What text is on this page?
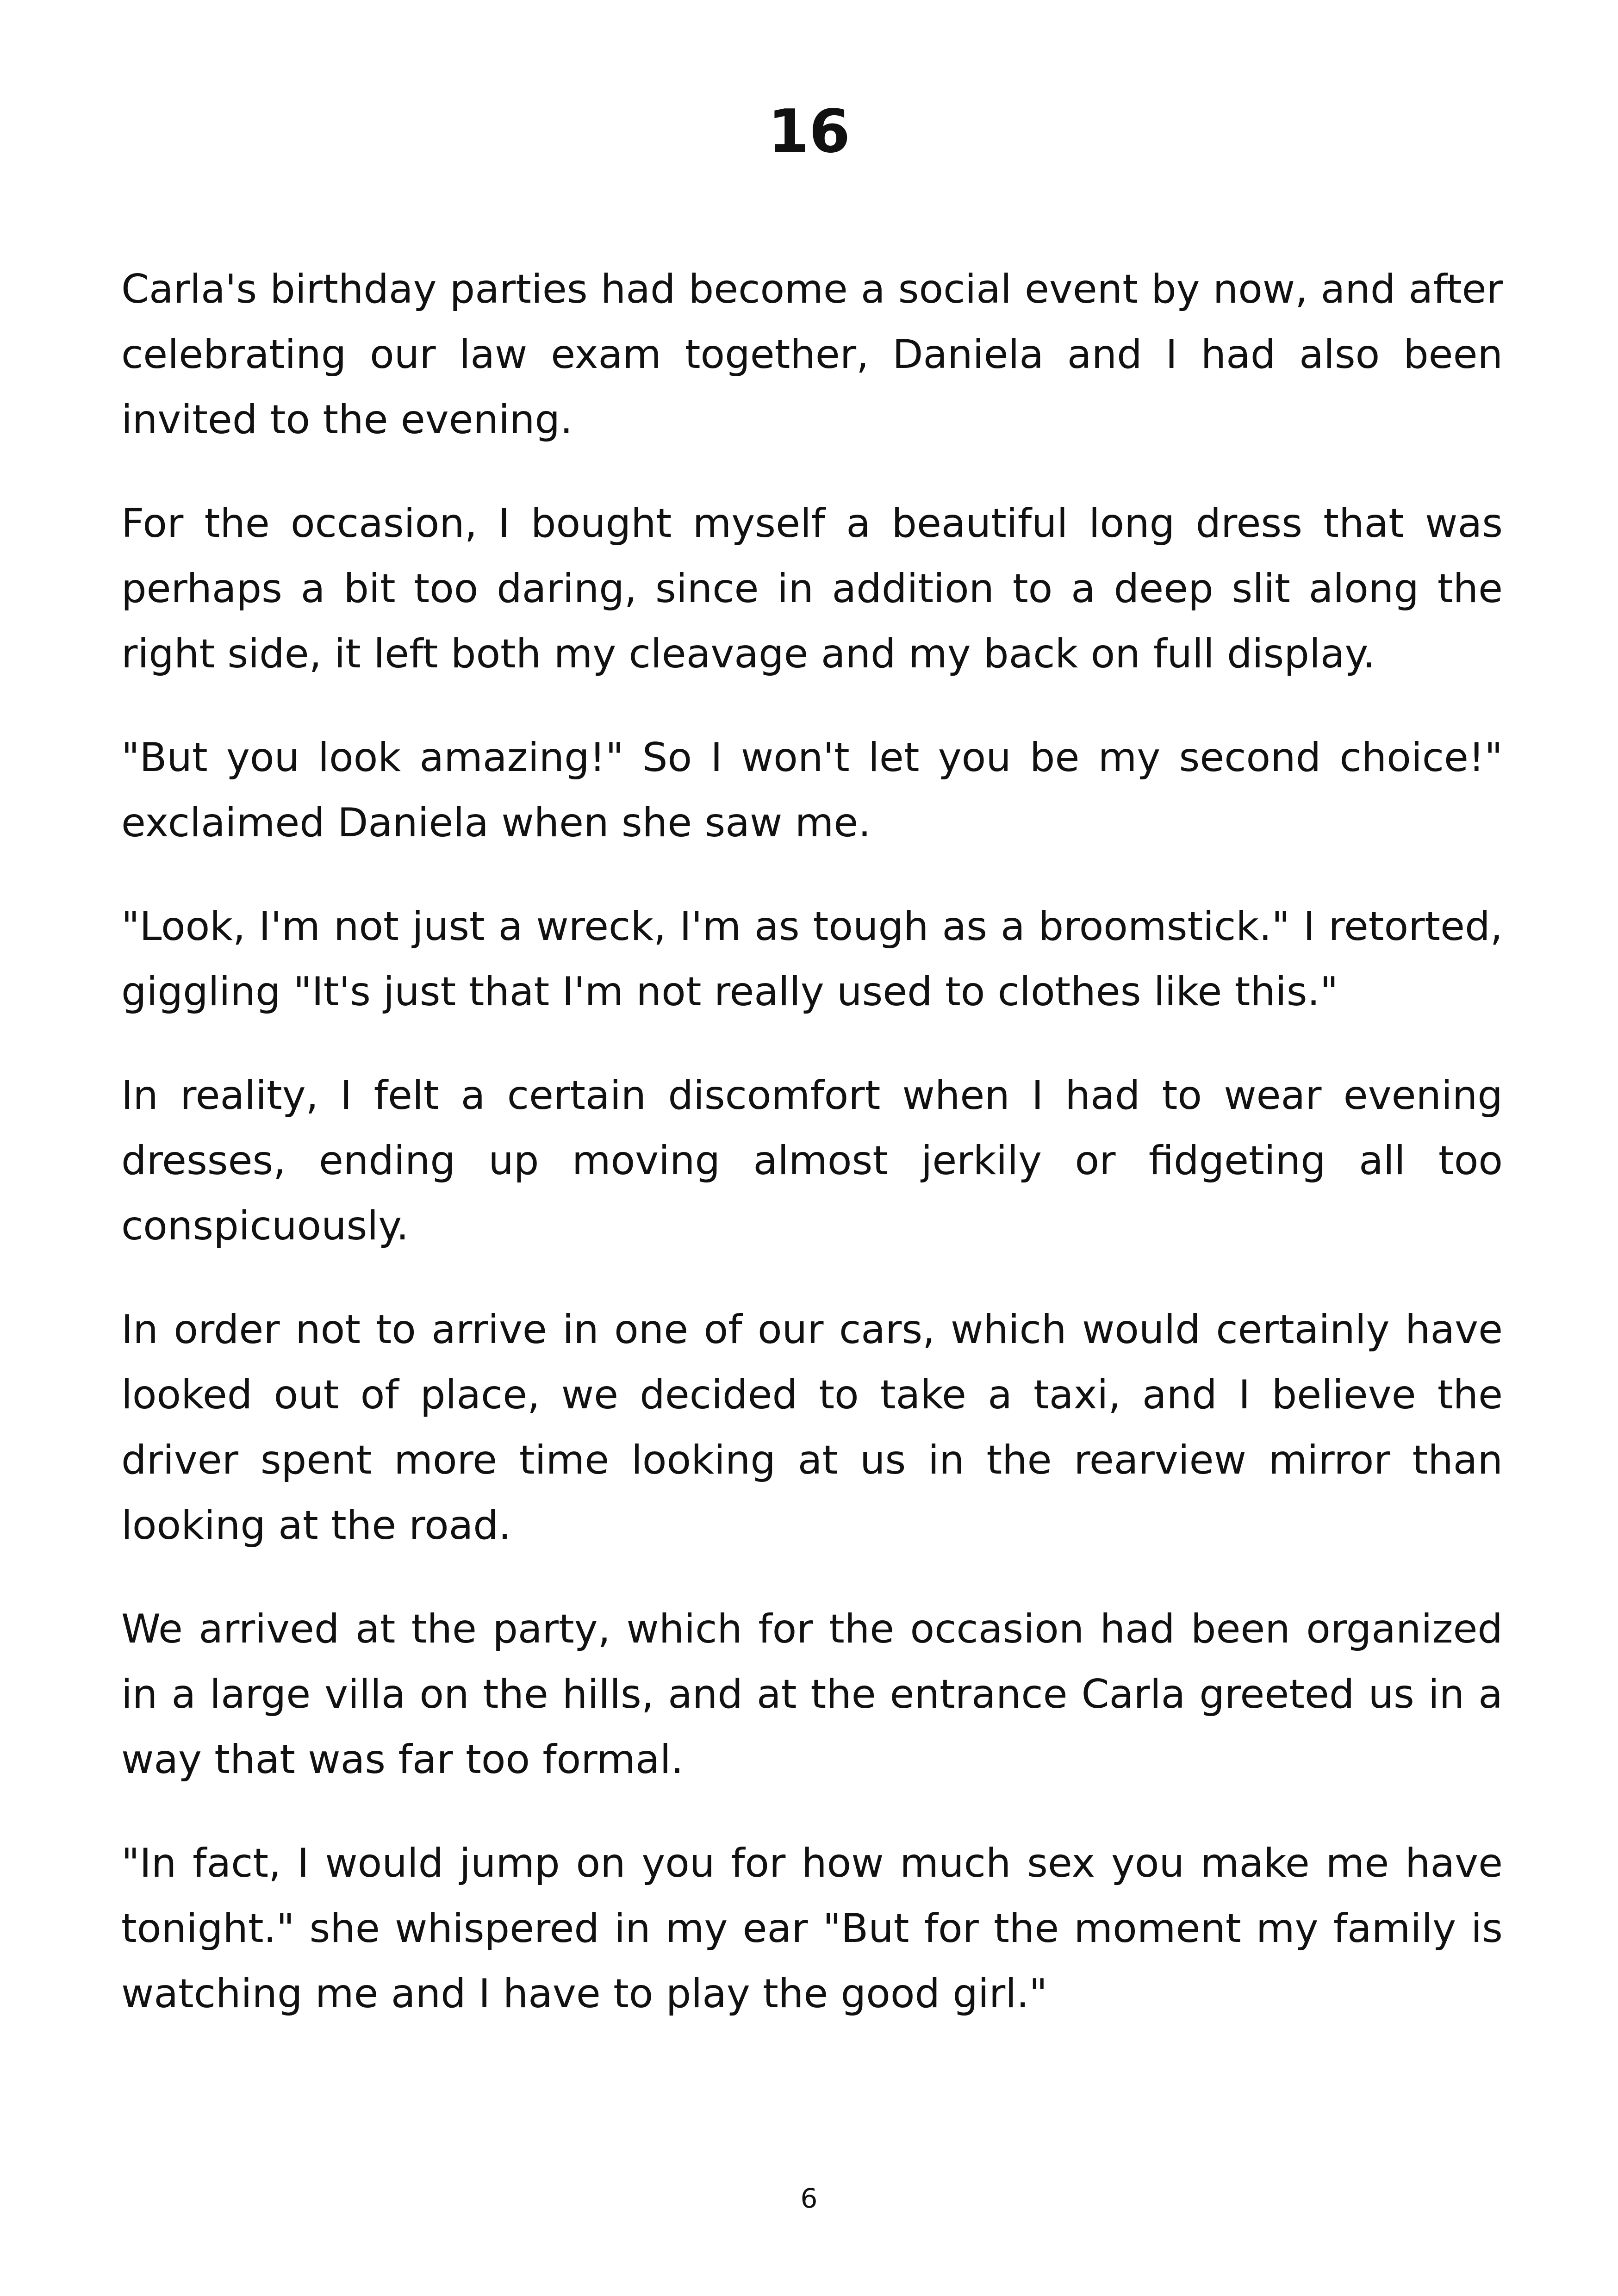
16

Carla's birthday parties had become a social event by now, and after celebrating our law exam together, Daniela and I had also been invited to the evening.

For the occasion, I bought myself a beautiful long dress that was perhaps a bit too daring, since in addition to a deep slit along the right side, it left both my cleavage and my back on full display.

"But you look amazing!" So I won't let you be my second choice!" exclaimed Daniela when she saw me.

"Look, I'm not just a wreck, I'm as tough as a broomstick." I retorted, giggling "It's just that I'm not really used to clothes like this."

In reality, I felt a certain discomfort when I had to wear evening dresses, ending up moving almost jerkily or fidgeting all too conspicuously.

In order not to arrive in one of our cars, which would certainly have looked out of place, we decided to take a taxi, and I believe the driver spent more time looking at us in the rearview mirror than looking at the road.

We arrived at the party, which for the occasion had been organized in a large villa on the hills, and at the entrance Carla greeted us in a way that was far too formal.

"In fact, I would jump on you for how much sex you make me have tonight." she whispered in my ear "But for the moment my family is watching me and I have to play the good girl."

6
